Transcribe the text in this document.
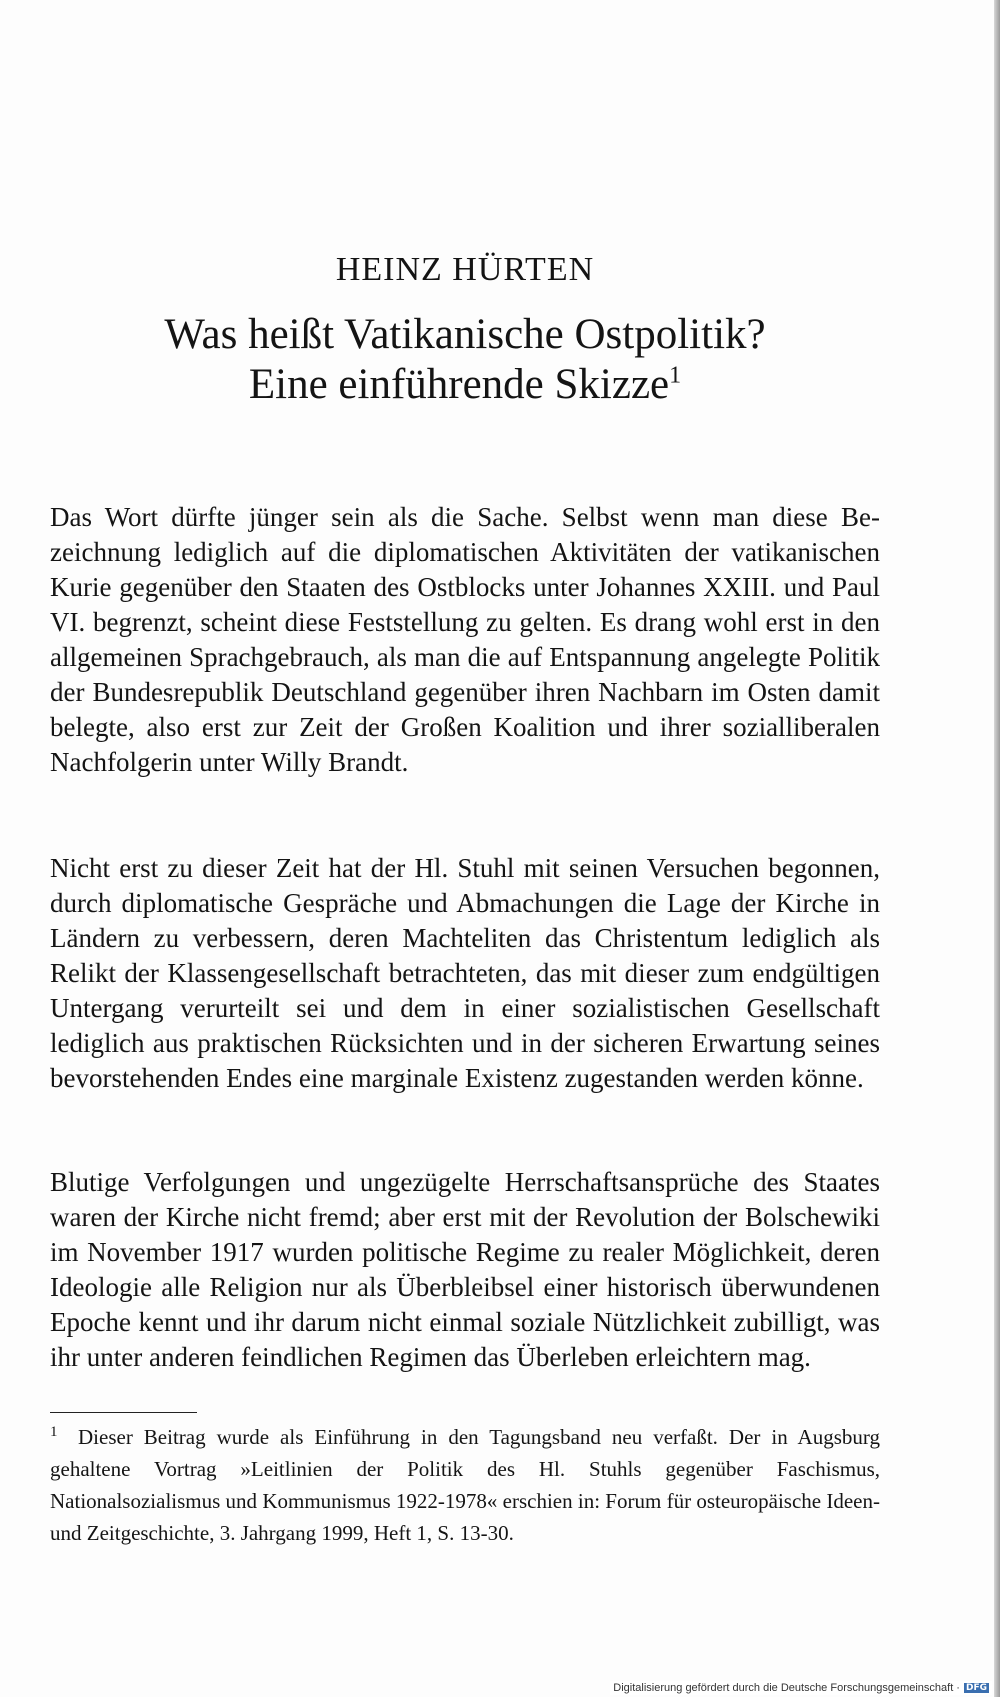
HEINZ HÜRTEN
Was heißt Vatikanische Ostpolitik?
Eine einführende Skizze$^1$

Das Wort dürfte jünger sein als die Sache. Selbst wenn man diese Bezeichnung lediglich auf die diplomatischen Aktivitäten der vatikanischen Kurie gegenüber den Staaten des Ostblocks unter Johannes XXIII. und Paul VI. begrenzt, scheint diese Feststellung zu gelten. Es drang wohl erst in den allgemeinen Sprachgebrauch, als man die auf Entspannung angelegte Politik der Bundesrepublik Deutschland gegenüber ihren Nachbarn im Osten damit belegte, also erst zur Zeit der Großen Koalition und ihrer sozialliberalen Nachfolgerin unter Willy Brandt.

Nicht erst zu dieser Zeit hat der Hl. Stuhl mit seinen Versuchen begonnen, durch diplomatische Gespräche und Abmachungen die Lage der Kirche in Ländern zu verbessern, deren Machteliten das Christentum lediglich als Relikt der Klassengesellschaft betrachteten, das mit dieser zum endgültigen Untergang verurteilt sei und dem in einer sozialistischen Gesellschaft lediglich aus praktischen Rücksichten und in der sicheren Erwartung seines bevorstehenden Endes eine marginale Existenz zugestanden werden könne.

Blutige Verfolgungen und ungezügelte Herrschaftsansprüche des Staates waren der Kirche nicht fremd; aber erst mit der Revolution der Bolschewiki im November 1917 wurden politische Regime zu realer Möglichkeit, deren Ideologie alle Religion nur als Überbleibsel einer historisch überwundenen Epoche kennt und ihr darum nicht einmal soziale Nützlichkeit zubilligt, was ihr unter anderen feindlichen Regimen das Überleben erleichtern mag.

1 Dieser Beitrag wurde als Einführung in den Tagungsband neu verfaßt. Der in Augsburg gehaltene Vortrag »Leitlinien der Politik des Hl. Stuhls gegenüber Faschismus, Nationalsozialismus und Kommunismus 1922-1978« erschien in: Forum für osteuropäische Ideen- und Zeitgeschichte, 3. Jahrgang 1999, Heft 1, S. 13-30.
Digitalisierung gefördert durch die Deutsche Forschungsgemeinschaft · DFG
